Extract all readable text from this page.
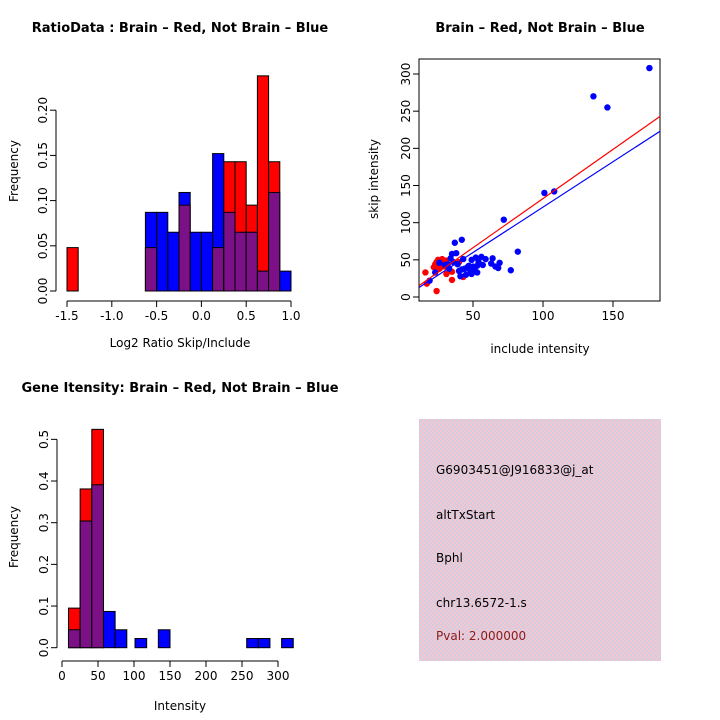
-1.5 -1.0 -0.5 0.0 0.5 1.0
0.00
0.05
0.10
0.15
0.20
RatioData : Brain – Red, Not Brain – Blue
Log2 Ratio Skip/Include
Frequency
50	100	150
0
50
100
150
200
250
300
Brain – Red, Not Brain – Blue
include intensity
skip intensity
0 50 100 150 200 250 300
0.0
0.1
0.2
0.3
0.4
0.5
Gene Itensity: Brain – Red, Not Brain – Blue
Intensity
Frequency
G6903451@J916833@j_at
altTxStart
Bphl
chr13.6572-1.s
Pval: 2.000000
